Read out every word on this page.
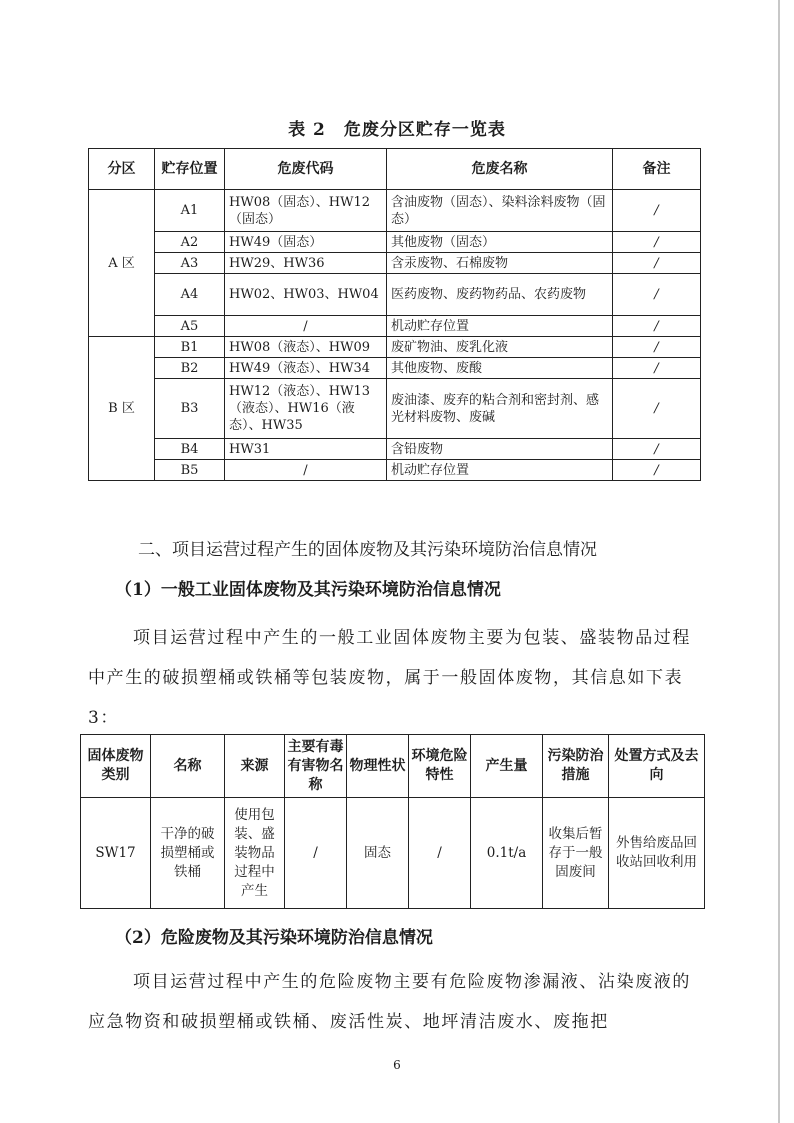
表 2　危废分区贮存一览表
分区	贮存位置	危废代码	危废名称	备注
A 区	A1	HW08（固态）、HW12（固态）	含油废物（固态）、染料涂料废物（固态）	/
	A2	HW49（固态）	其他废物（固态）	/
	A3	HW29、HW36	含汞废物、石棉废物	/
	A4	HW02、HW03、HW04	医药废物、废药物药品、农药废物	/
	A5	/	机动贮存位置	/
B 区	B1	HW08（液态）、HW09	废矿物油、废乳化液	/
	B2	HW49（液态）、HW34	其他废物、废酸	/
	B3	HW12（液态）、HW13（液态）、HW16（液态）、HW35	废油漆、废弃的粘合剂和密封剂、感光材料废物、废碱	/
	B4	HW31	含铅废物	/
	B5	/	机动贮存位置	/
二、项目运营过程产生的固体废物及其污染环境防治信息情况
（1）一般工业固体废物及其污染环境防治信息情况
项目运营过程中产生的一般工业固体废物主要为包装、盛装物品过程中产生的破损塑桶或铁桶等包装废物，属于一般固体废物，其信息如下表 3：
固体废物类别	名称	来源	主要有毒有害物名称	物理性状	环境危险特性	产生量	污染防治措施	处置方式及去向
SW17	干净的破损塑桶或铁桶	使用包装、盛装物品过程中产生	/	固态	/	0.1t/a	收集后暂存于一般固废间	外售给废品回收站回收利用
（2）危险废物及其污染环境防治信息情况
项目运营过程中产生的危险废物主要有危险废物渗漏液、沾染废液的应急物资和破损塑桶或铁桶、废活性炭、地坪清洁废水、废拖把
6
